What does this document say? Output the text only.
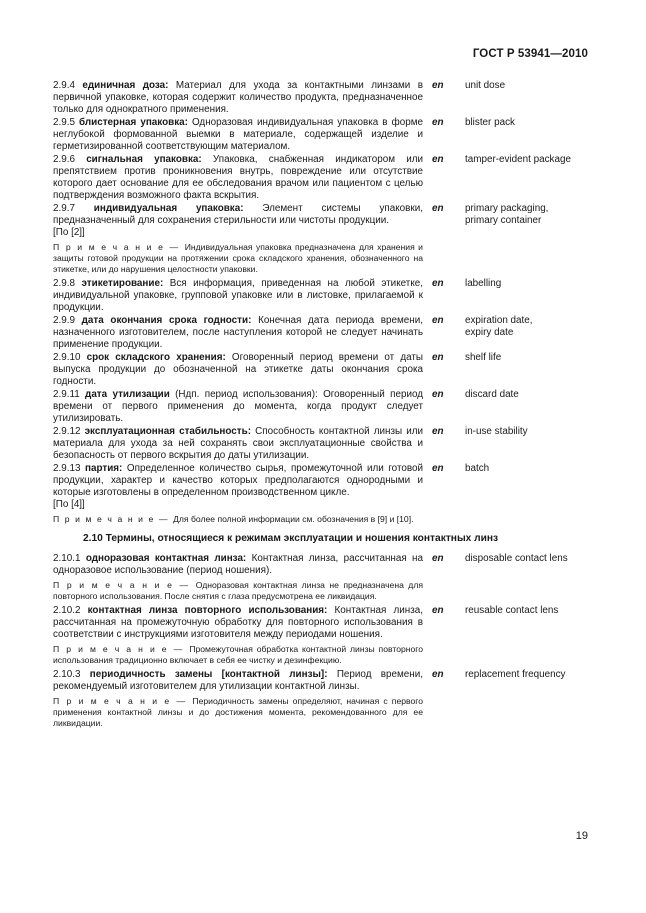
ГОСТ Р 53941—2010
2.9.4 единичная доза: Материал для ухода за контактными линзами в первичной упаковке, которая содержит количество продукта, предназначенное только для однократного применения.
en	unit dose
2.9.5 блистерная упаковка: Одноразовая индивидуальная упаковка в форме неглубокой формованной выемки в материале, содержащей изделие и герметизированной соответствующим материалом.
en	blister pack
2.9.6 сигнальная упаковка: Упаковка, снабженная индикатором или препятствием против проникновения внутрь, повреждение или отсутствие которого дает основание для ее обследования врачом или пациентом с целью подтверждения возможного факта вскрытия.
en	tamper-evident package
2.9.7 индивидуальная упаковка: Элемент системы упаковки, предназначенный для сохранения стерильности или чистоты продукции.
[По [2]]
en	primary packaging,
primary container
П р и м е ч а н и е — Индивидуальная упаковка предназначена для хранения и защиты готовой продукции на протяжении срока складского хранения, обозначенного на этикетке, или до нарушения целостности упаковки.
2.9.8 этикетирование: Вся информация, приведенная на любой этикетке, индивидуальной упаковке, групповой упаковке или в листовке, прилагаемой к продукции.
en	labelling
2.9.9 дата окончания срока годности: Конечная дата периода времени, назначенного изготовителем, после наступления которой не следует начинать применение продукции.
en	expiration date,
expiry date
2.9.10 срок складского хранения: Оговоренный период времени от даты выпуска продукции до обозначенной на этикетке даты окончания срока годности.
en	shelf life
2.9.11 дата утилизации (Ндп. период использования): Оговоренный период времени от первого применения до момента, когда продукт следует утилизировать.
en	discard date
2.9.12 эксплуатационная стабильность: Способность контактной линзы или материала для ухода за ней сохранять свои эксплуатационные свойства и безопасность от первого вскрытия до даты утилизации.
en	in-use stability
2.9.13 партия: Определенное количество сырья, промежуточной или готовой продукции, характер и качество которых предполагаются однородными и которые изготовлены в определенном производственном цикле.
[По [4]]
en	batch
П р и м е ч а н и е — Для более полной информации см. обозначения в [9] и [10].
2.10 Термины, относящиеся к режимам эксплуатации и ношения контактных линз
2.10.1 одноразовая контактная линза: Контактная линза, рассчитанная на одноразовое использование (период ношения).
en	disposable contact lens
П р и м е ч а н и е — Одноразовая контактная линза не предназначена для повторного использования. После снятия с глаза предусмотрена ее ликвидация.
2.10.2 контактная линза повторного использования: Контактная линза, рассчитанная на промежуточную обработку для повторного использования в соответствии с инструкциями изготовителя между периодами ношения.
en	reusable contact lens
П р и м е ч а н и е — Промежуточная обработка контактной линзы повторного использования традиционно включает в себя ее чистку и дезинфекцию.
2.10.3 периодичность замены [контактной линзы]: Период времени, рекомендуемый изготовителем для утилизации контактной линзы.
en	replacement frequency
П р и м е ч а н и е — Периодичность замены определяют, начиная с первого применения контактной линзы и до достижения момента, рекомендованного для ее ликвидации.
19
